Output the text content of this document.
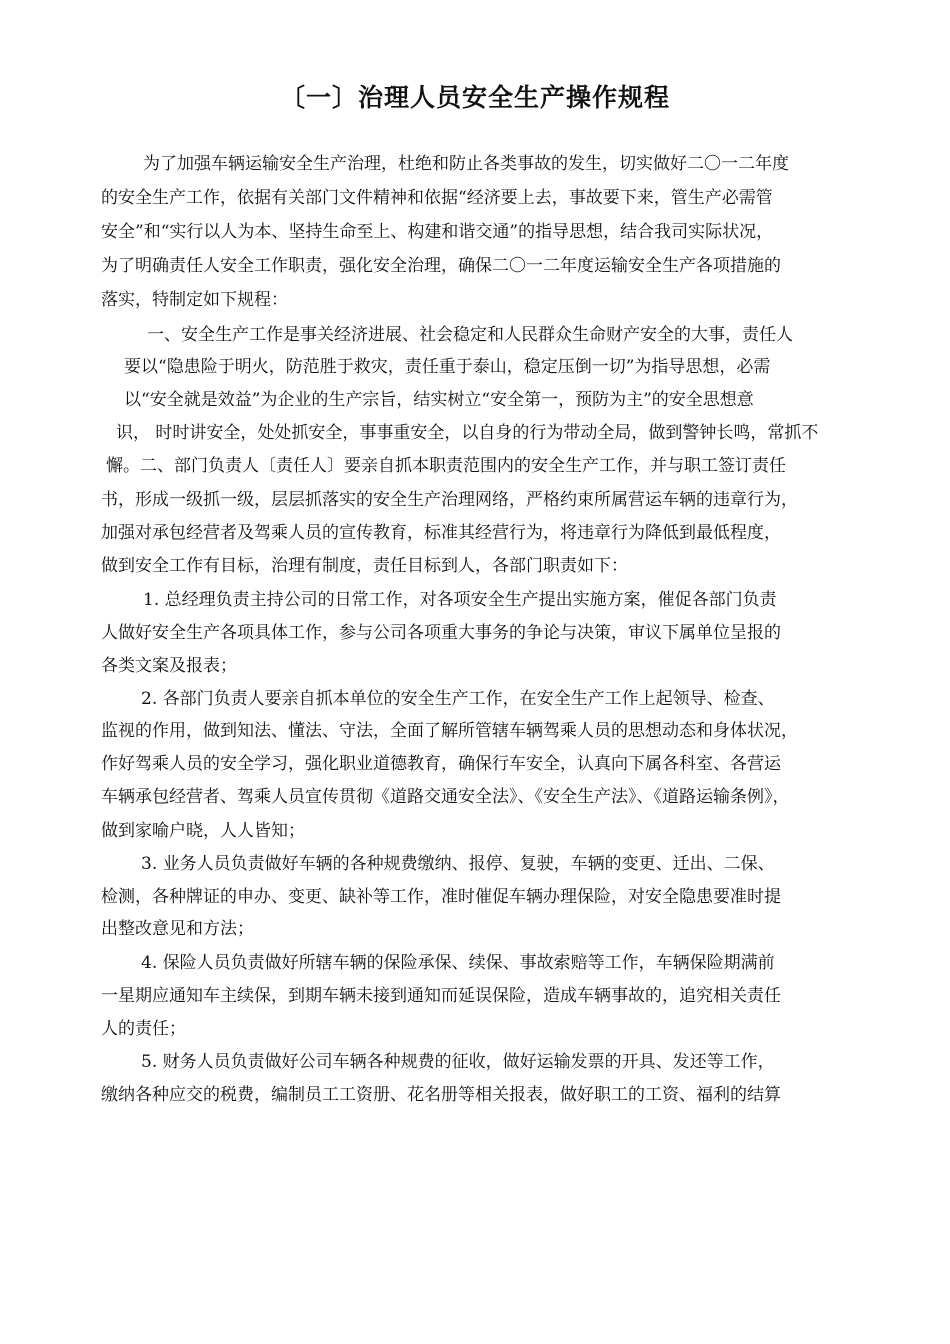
〔一〕治理人员安全生产操作规程

为了加强车辆运输安全生产治理，杜绝和防止各类事故的发生，切实做好二〇一二年度

的安全生产工作，依据有关部门文件精神和依据“经济要上去，事故要下来，管生产必需管

安全”和“实行以人为本、坚持生命至上、构建和谐交通”的指导思想，结合我司实际状况，

为了明确责任人安全工作职责，强化安全治理，确保二〇一二年度运输安全生产各项措施的

落实，特制定如下规程：

一、安全生产工作是事关经济进展、社会稳定和人民群众生命财产安全的大事，责任人

要以“隐患险于明火，防范胜于救灾，责任重于泰山，稳定压倒一切”为指导思想，必需

以“安全就是效益”为企业的生产宗旨，结实树立“安全第一，预防为主”的安全思想意

识， 时时讲安全，处处抓安全，事事重安全，以自身的行为带动全局，做到警钟长鸣，常抓不

懈。二、部门负责人〔责任人〕要亲自抓本职责范围内的安全生产工作，并与职工签订责任

书，形成一级抓一级，层层抓落实的安全生产治理网络，严格约束所属营运车辆的违章行为，

加强对承包经营者及驾乘人员的宣传教育，标准其经营行为，将违章行为降低到最低程度，

做到安全工作有目标，治理有制度，责任目标到人，各部门职责如下：

1. 总经理负责主持公司的日常工作，对各项安全生产提出实施方案，催促各部门负责

人做好安全生产各项具体工作，参与公司各项重大事务的争论与决策，审议下属单位呈报的

各类文案及报表；

2. 各部门负责人要亲自抓本单位的安全生产工作，在安全生产工作上起领导、检查、

监视的作用，做到知法、懂法、守法，全面了解所管辖车辆驾乘人员的思想动态和身体状况，

作好驾乘人员的安全学习，强化职业道德教育，确保行车安全，认真向下属各科室、各营运

车辆承包经营者、驾乘人员宣传贯彻《道路交通安全法》、《安全生产法》、《道路运输条例》，

做到家喻户晓，人人皆知；

3. 业务人员负责做好车辆的各种规费缴纳、报停、复驶，车辆的变更、迁出、二保、

检测，各种牌证的申办、变更、缺补等工作，准时催促车辆办理保险，对安全隐患要准时提

出整改意见和方法；

4. 保险人员负责做好所辖车辆的保险承保、续保、事故索赔等工作，车辆保险期满前

一星期应通知车主续保，到期车辆未接到通知而延误保险，造成车辆事故的，追究相关责任

人的责任；

5. 财务人员负责做好公司车辆各种规费的征收，做好运输发票的开具、发还等工作，

缴纳各种应交的税费，编制员工工资册、花名册等相关报表，做好职工的工资、福利的结算
